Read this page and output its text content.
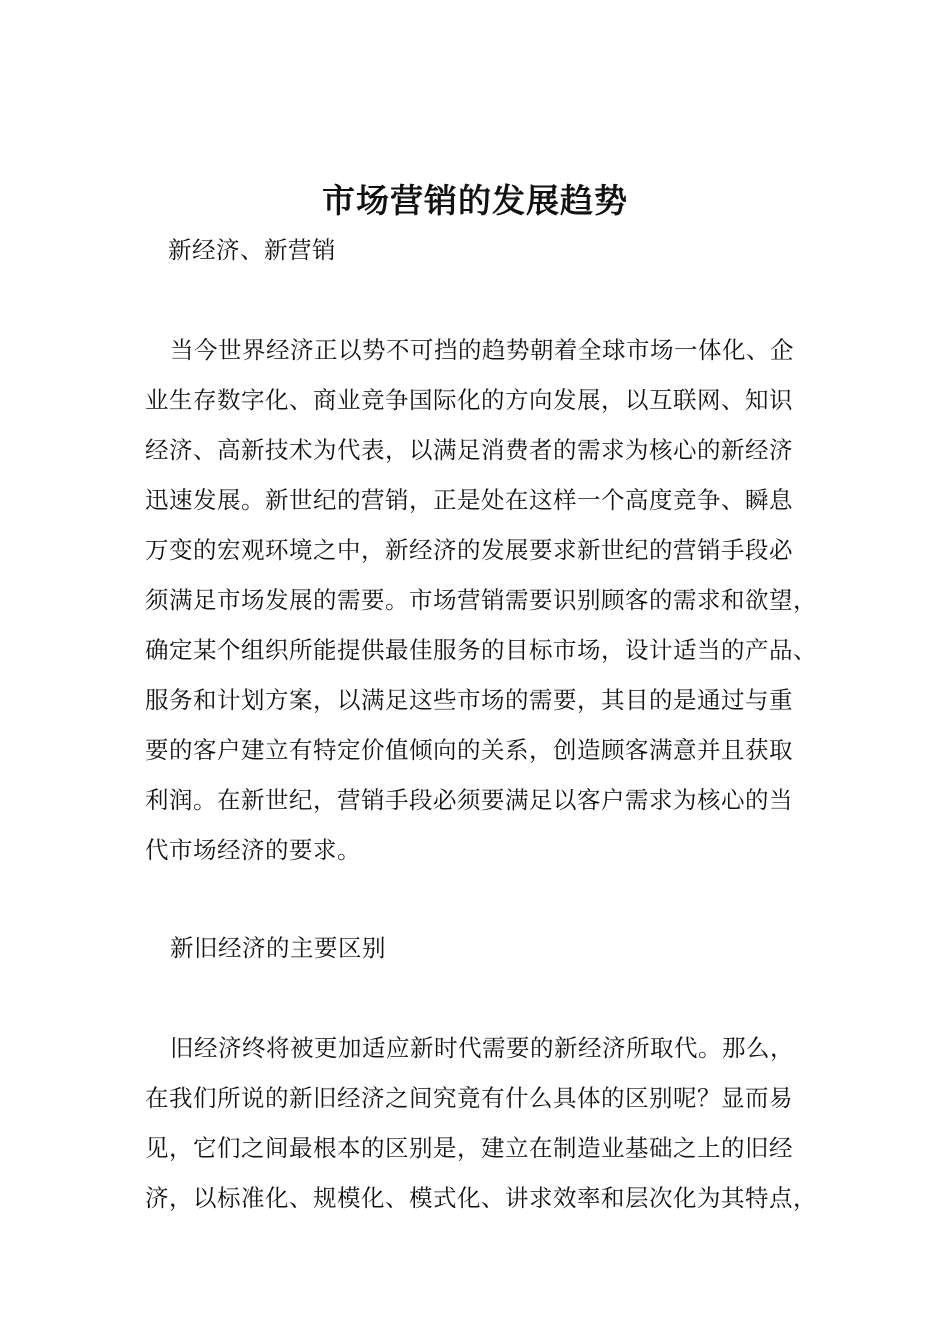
市场营销的发展趋势
新经济、新营销
当今世界经济正以势不可挡的趋势朝着全球市场一体化、企
业生存数字化、商业竞争国际化的方向发展，以互联网、知识
经济、高新技术为代表，以满足消费者的需求为核心的新经济
迅速发展。新世纪的营销，正是处在这样一个高度竞争、瞬息
万变的宏观环境之中，新经济的发展要求新世纪的营销手段必
须满足市场发展的需要。市场营销需要识别顾客的需求和欲望，
确定某个组织所能提供最佳服务的目标市场，设计适当的产品、
服务和计划方案，以满足这些市场的需要，其目的是通过与重
要的客户建立有特定价值倾向的关系，创造顾客满意并且获取
利润。在新世纪，营销手段必须要满足以客户需求为核心的当
代市场经济的要求。
新旧经济的主要区别
旧经济终将被更加适应新时代需要的新经济所取代。那么，
在我们所说的新旧经济之间究竟有什么具体的区别呢？显而易
见，它们之间最根本的区别是，建立在制造业基础之上的旧经
济，以标准化、规模化、模式化、讲求效率和层次化为其特点，
